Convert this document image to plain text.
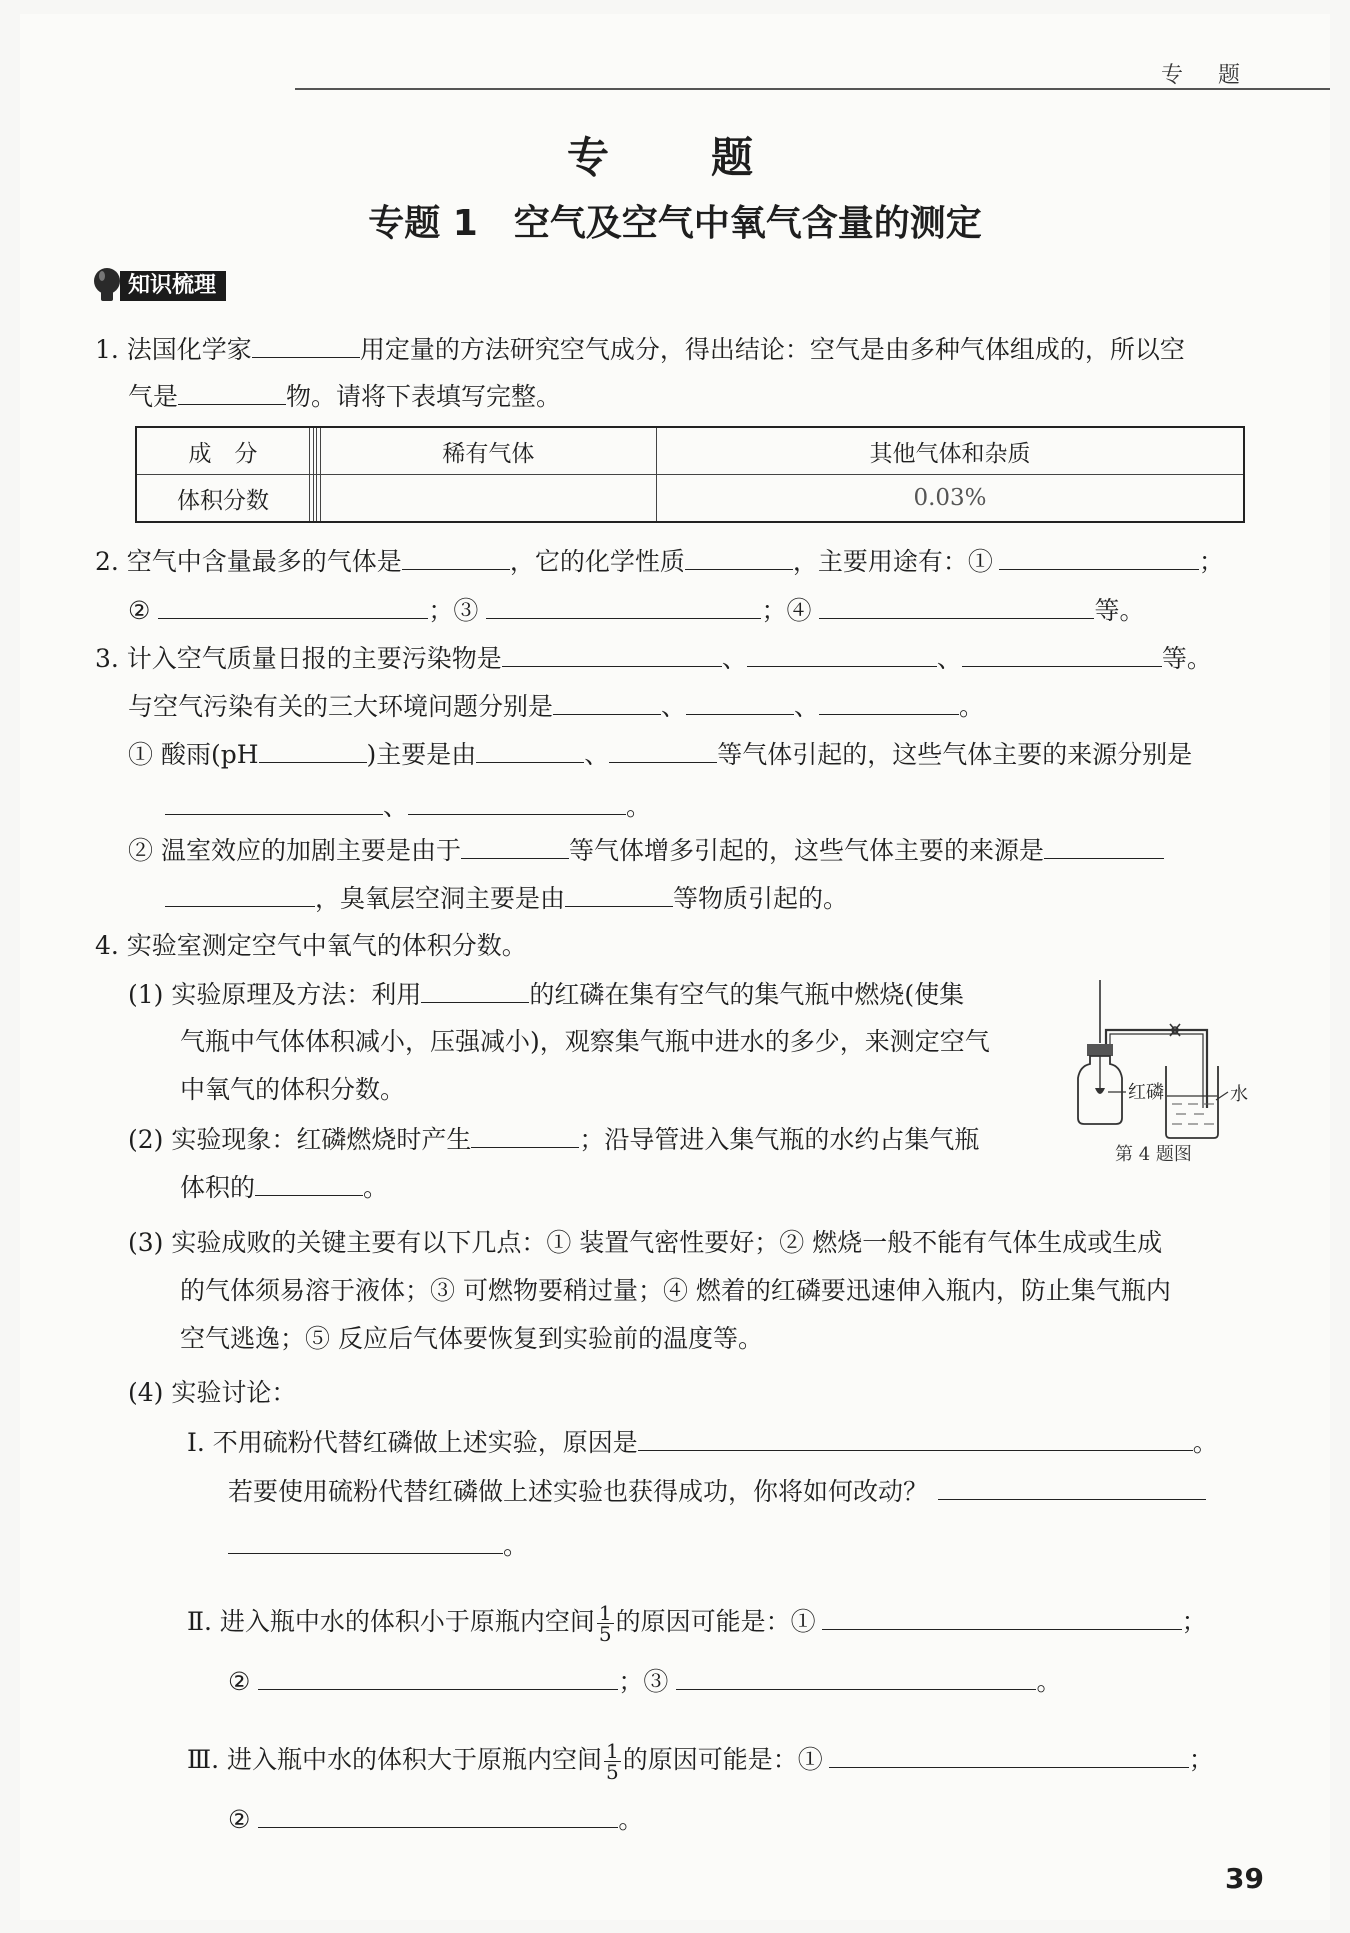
专 题
专　题
专题 1　空气及空气中氧气含量的测定
知识梳理
1. 法国化学家	用定量的方法研究空气成分，得出结论：空气是由多种气体组成的，所以空
气是	物。请将下表填写完整。
成　分				稀有气体	其他气体和杂质
体积分数					0.03%
2. 空气中含量最多的气体是	，它的化学性质	，主要用途有：①	；
②	；③	；④	等。
3. 计入空气质量日报的主要污染物是	、	、	等。
与空气污染有关的三大环境问题分别是	、	、	。
① 酸雨(pH	)主要是由	、	等气体引起的，这些气体主要的来源分别是
、	。
② 温室效应的加剧主要是由于	等气体增多引起的，这些气体主要的来源是
，臭氧层空洞主要是由	等物质引起的。
4. 实验室测定空气中氧气的体积分数。
(1) 实验原理及方法：利用	的红磷在集有空气的集气瓶中燃烧(使集
气瓶中气体体积减小，压强减小)，观察集气瓶中进水的多少，来测定空气
中氧气的体积分数。
(2) 实验现象：红磷燃烧时产生	；沿导管进入集气瓶的水约占集气瓶
体积的	。
(3) 实验成败的关键主要有以下几点：① 装置气密性要好；② 燃烧一般不能有气体生成或生成
的气体须易溶于液体；③ 可燃物要稍过量；④ 燃着的红磷要迅速伸入瓶内，防止集气瓶内
空气逃逸；⑤ 反应后气体要恢复到实验前的温度等。
(4) 实验讨论：
Ⅰ. 不用硫粉代替红磷做上述实验，原因是	。
若要使用硫粉代替红磷做上述实验也获得成功，你将如何改动？
。
Ⅱ. 进入瓶中水的体积小于原瓶内空间 $\frac{1}{5}$ 的原因可能是：①	；
②	；③	。
Ⅲ. 进入瓶中水的体积大于原瓶内空间 $\frac{1}{5}$ 的原因可能是：①	；
②	。
红磷	水
第 4 题图
39
